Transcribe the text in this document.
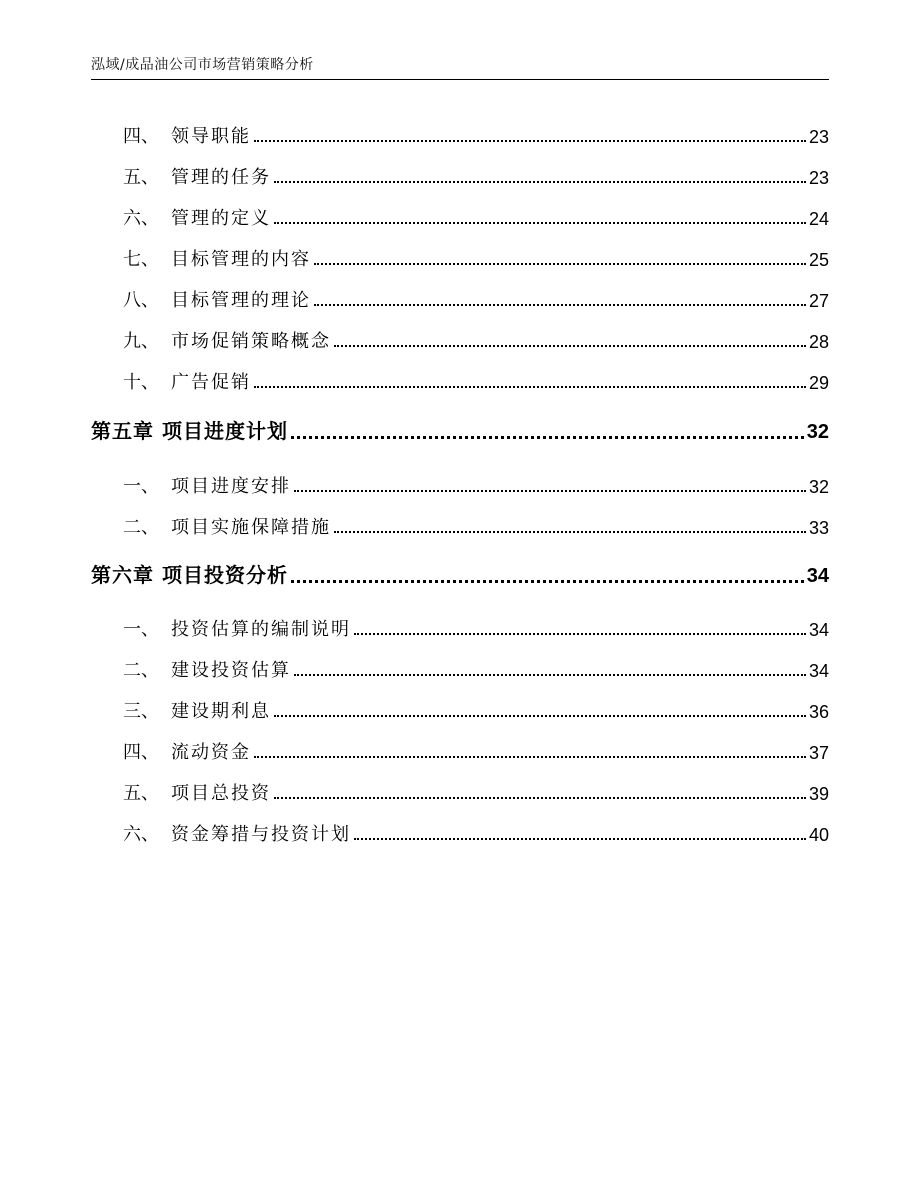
泓域/成品油公司市场营销策略分析
四、 领导职能	23
五、 管理的任务	23
六、 管理的定义	24
七、 目标管理的内容	25
八、 目标管理的理论	27
九、 市场促销策略概念	28
十、 广告促销	29
第五章 项目进度计划	32
一、 项目进度安排	32
二、 项目实施保障措施	33
第六章 项目投资分析	34
一、 投资估算的编制说明	34
二、 建设投资估算	34
三、 建设期利息	36
四、 流动资金	37
五、 项目总投资	39
六、 资金筹措与投资计划	40
